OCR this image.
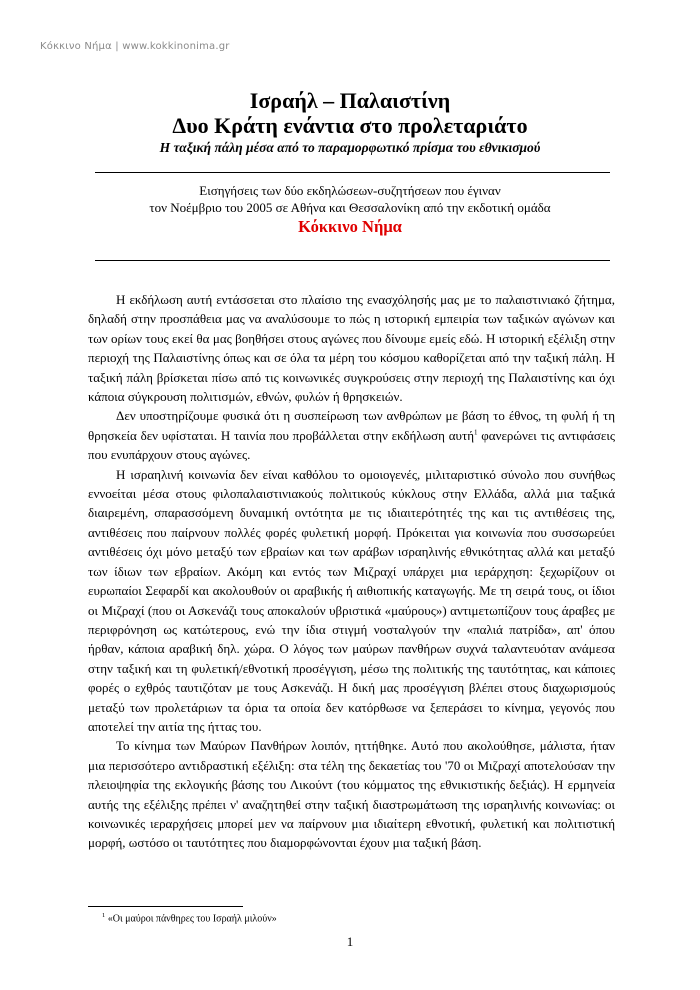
Κόκκινο Νήμα | www.kokkinonima.gr
Ισραήλ – Παλαιστίνη
Δυο Κράτη ενάντια στο προλεταριάτο
Η ταξική πάλη μέσα από το παραμορφωτικό πρίσμα του εθνικισμού
Εισηγήσεις των δύο εκδηλώσεων-συζητήσεων που έγιναν
τον Νοέμβριο του 2005 σε Αθήνα και Θεσσαλονίκη από την εκδοτική ομάδα
Κόκκινο Νήμα

Η εκδήλωση αυτή εντάσσεται στο πλαίσιο της ενασχόλησής μας με το παλαιστινιακό ζήτημα, δηλαδή στην προσπάθεια μας να αναλύσουμε το πώς η ιστορική εμπειρία των ταξικών αγώνων και των ορίων τους εκεί θα μας βοηθήσει στους αγώνες που δίνουμε εμείς εδώ. Η ιστορική εξέλιξη στην περιοχή της Παλαιστίνης όπως και σε όλα τα μέρη του κόσμου καθορίζεται από την ταξική πάλη. Η ταξική πάλη βρίσκεται πίσω από τις κοινωνικές συγκρούσεις στην περιοχή της Παλαιστίνης και όχι κάποια σύγκρουση πολιτισμών, εθνών, φυλών ή θρησκειών.

Δεν υποστηρίζουμε φυσικά ότι η συσπείρωση των ανθρώπων με βάση το έθνος, τη φυλή ή τη θρησκεία δεν υφίσταται. Η ταινία που προβάλλεται στην εκδήλωση αυτή$^1$ φανερώνει τις αντιφάσεις που ενυπάρχουν στους αγώνες.

Η ισραηλινή κοινωνία δεν είναι καθόλου το ομοιογενές, μιλιταριστικό σύνολο που συνήθως εννοείται μέσα στους φιλοπαλαιστινιακούς πολιτικούς κύκλους στην Ελλάδα, αλλά μια ταξικά διαιρεμένη, σπαρασσόμενη δυναμική οντότητα με τις ιδιαιτερότητές της και τις αντιθέσεις της, αντιθέσεις που παίρνουν πολλές φορές φυλετική μορφή. Πρόκειται για κοινωνία που συσσωρεύει αντιθέσεις όχι μόνο μεταξύ των εβραίων και των αράβων ισραηλινής εθνικότητας αλλά και μεταξύ των ίδιων των εβραίων. Ακόμη και εντός των Μιζραχί υπάρχει μια ιεράρχηση: ξεχωρίζουν οι ευρωπαίοι Σεφαρδί και ακολουθούν οι αραβικής ή αιθιοπικής καταγωγής. Με τη σειρά τους, οι ίδιοι οι Μιζραχί (που οι Ασκενάζι τους αποκαλούν υβριστικά «μαύρους») αντιμετωπίζουν τους άραβες με περιφρόνηση ως κατώτερους, ενώ την ίδια στιγμή νοσταλγούν την «παλιά πατρίδα», απ' όπου ήρθαν, κάποια αραβική δηλ. χώρα. Ο λόγος των μαύρων πανθήρων συχνά ταλαντευόταν ανάμεσα στην ταξική και τη φυλετική/εθνοτική προσέγγιση, μέσω της πολιτικής της ταυτότητας, και κάποιες φορές ο εχθρός ταυτιζόταν με τους Ασκενάζι. Η δική μας προσέγγιση βλέπει στους διαχωρισμούς μεταξύ των προλετάριων τα όρια τα οποία δεν κατόρθωσε να ξεπεράσει το κίνημα, γεγονός που αποτελεί την αιτία της ήττας του.

Το κίνημα των Μαύρων Πανθήρων λοιπόν, ηττήθηκε. Αυτό που ακολούθησε, μάλιστα, ήταν μια περισσότερο αντιδραστική εξέλιξη: στα τέλη της δεκαετίας του '70 οι Μιζραχί αποτελούσαν την πλειοψηφία της εκλογικής βάσης του Λικούντ (του κόμματος της εθνικιστικής δεξιάς). Η ερμηνεία αυτής της εξέλιξης πρέπει ν' αναζητηθεί στην ταξική διαστρωμάτωση της ισραηλινής κοινωνίας: οι κοινωνικές ιεραρχήσεις μπορεί μεν να παίρνουν μια ιδιαίτερη εθνοτική, φυλετική και πολιτιστική μορφή, ωστόσο οι ταυτότητες που διαμορφώνονται έχουν μια ταξική βάση.

$^1$ «Οι μαύροι πάνθηρες του Ισραήλ μιλούν»
1
